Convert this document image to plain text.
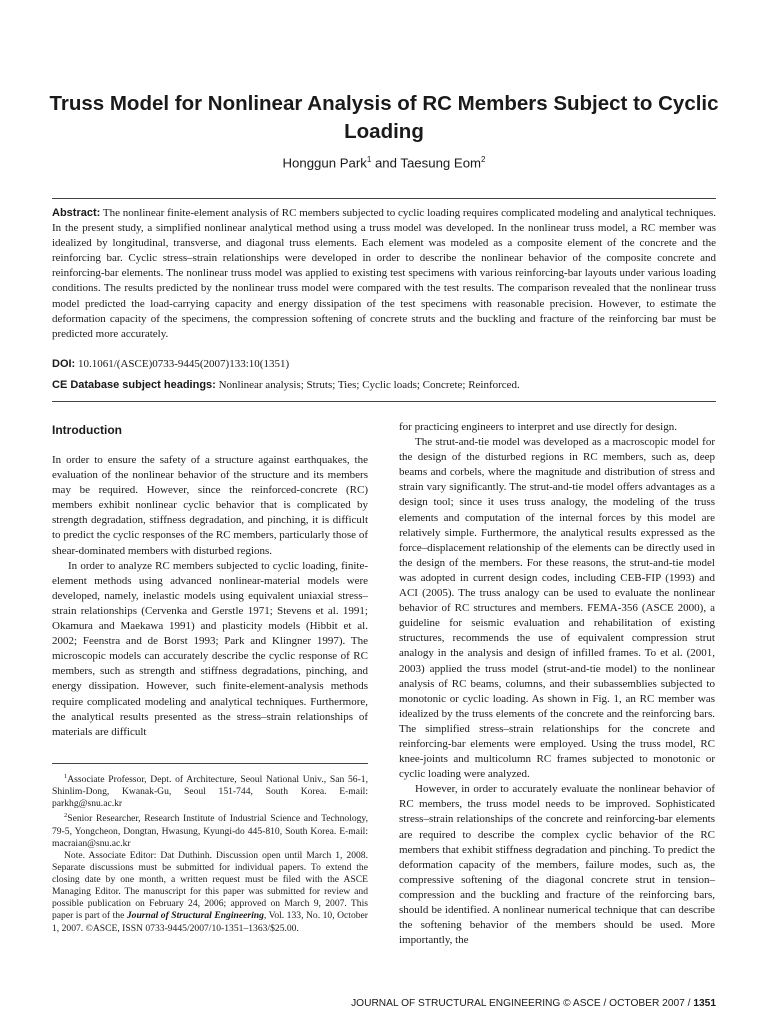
Truss Model for Nonlinear Analysis of RC Members Subject to Cyclic Loading
Honggun Park$^1$ and Taesung Eom$^2$
Abstract: The nonlinear finite-element analysis of RC members subjected to cyclic loading requires complicated modeling and analytical techniques. In the present study, a simplified nonlinear analytical method using a truss model was developed. In the nonlinear truss model, a RC member was idealized by longitudinal, transverse, and diagonal truss elements. Each element was modeled as a composite element of the concrete and the reinforcing bar. Cyclic stress–strain relationships were developed in order to describe the nonlinear behavior of the composite concrete and reinforcing-bar elements. The nonlinear truss model was applied to existing test specimens with various reinforcing-bar layouts under various loading conditions. The results predicted by the nonlinear truss model were compared with the test results. The comparison revealed that the nonlinear truss model predicted the load-carrying capacity and energy dissipation of the test specimens with reasonable precision. However, to estimate the deformation capacity of the specimens, the compression softening of concrete struts and the buckling and fracture of the reinforcing bar must be predicted more accurately.
DOI: 10.1061/(ASCE)0733-9445(2007)133:10(1351)
CE Database subject headings: Nonlinear analysis; Struts; Ties; Cyclic loads; Concrete; Reinforced.
Introduction

In order to ensure the safety of a structure against earthquakes, the evaluation of the nonlinear behavior of the structure and its members may be required. However, since the reinforced-concrete (RC) members exhibit nonlinear cyclic behavior that is complicated by strength degradation, stiffness degradation, and pinching, it is difficult to predict the cyclic responses of the RC members, particularly those of shear-dominated members with disturbed regions.

In order to analyze RC members subjected to cyclic loading, finite-element methods using advanced nonlinear-material models were developed, namely, inelastic models using equivalent uniaxial stress–strain relationships (Cervenka and Gerstle 1971; Stevens et al. 1991; Okamura and Maekawa 1991) and plasticity models (Hibbit et al. 2002; Feenstra and de Borst 1993; Park and Klingner 1997). The microscopic models can accurately describe the cyclic response of RC members, such as strength and stiffness degradations, pinching, and energy dissipation. However, such finite-element-analysis methods require complicated modeling and analytical techniques. Furthermore, the analytical results presented as the stress–strain relationships of materials are difficult

$^1$Associate Professor, Dept. of Architecture, Seoul National Univ., San 56-1, Shinlim-Dong, Kwanak-Gu, Seoul 151-744, South Korea. E-mail: parkhg@snu.ac.kr

$^2$Senior Researcher, Research Institute of Industrial Science and Technology, 79-5, Yongcheon, Dongtan, Hwasung, Kyungi-do 445-810, South Korea. E-mail: macraian@snu.ac.kr

Note. Associate Editor: Dat Duthinh. Discussion open until March 1, 2008. Separate discussions must be submitted for individual papers. To extend the closing date by one month, a written request must be filed with the ASCE Managing Editor. The manuscript for this paper was submitted for review and possible publication on February 24, 2006; approved on March 9, 2007. This paper is part of the Journal of Structural Engineering, Vol. 133, No. 10, October 1, 2007. ©ASCE, ISSN 0733-9445/2007/10-1351–1363/$25.00.

for practicing engineers to interpret and use directly for design.

The strut-and-tie model was developed as a macroscopic model for the design of the disturbed regions in RC members, such as, deep beams and corbels, where the magnitude and distribution of stress and strain vary significantly. The strut-and-tie model offers advantages as a design tool; since it uses truss analogy, the modeling of the truss elements and computation of the internal forces by this model are relatively simple. Furthermore, the analytical results expressed as the force–displacement relationship of the elements can be directly used in the design of the members. For these reasons, the strut-and-tie model was adopted in current design codes, including CEB-FIP (1993) and ACI (2005). The truss analogy can be used to evaluate the nonlinear behavior of RC structures and members. FEMA-356 (ASCE 2000), a guideline for seismic evaluation and rehabilitation of existing structures, recommends the use of equivalent compression strut analogy in the analysis and design of infilled frames. To et al. (2001, 2003) applied the truss model (strut-and-tie model) to the nonlinear analysis of RC beams, columns, and their subassemblies subjected to monotonic or cyclic loading. As shown in Fig. 1, an RC member was idealized by the truss elements of the concrete and the reinforcing bars. The simplified stress–strain relationships for the concrete and reinforcing-bar elements were employed. Using the truss model, RC knee-joints and multicolumn RC frames subjected to monotonic or cyclic loading were analyzed.

However, in order to accurately evaluate the nonlinear behavior of RC members, the truss model needs to be improved. Sophisticated stress–strain relationships of the concrete and reinforcing-bar elements are required to describe the complex cyclic behavior of the RC members that exhibit stiffness degradation and pinching. To predict the deformation capacity of the members, failure modes, such as, the compressive softening of the diagonal concrete strut in tension–compression and the buckling and fracture of the reinforcing bars, should be identified. A nonlinear numerical technique that can describe the softening behavior of the members should be used. More importantly, the

JOURNAL OF STRUCTURAL ENGINEERING © ASCE / OCTOBER 2007 / 1351
